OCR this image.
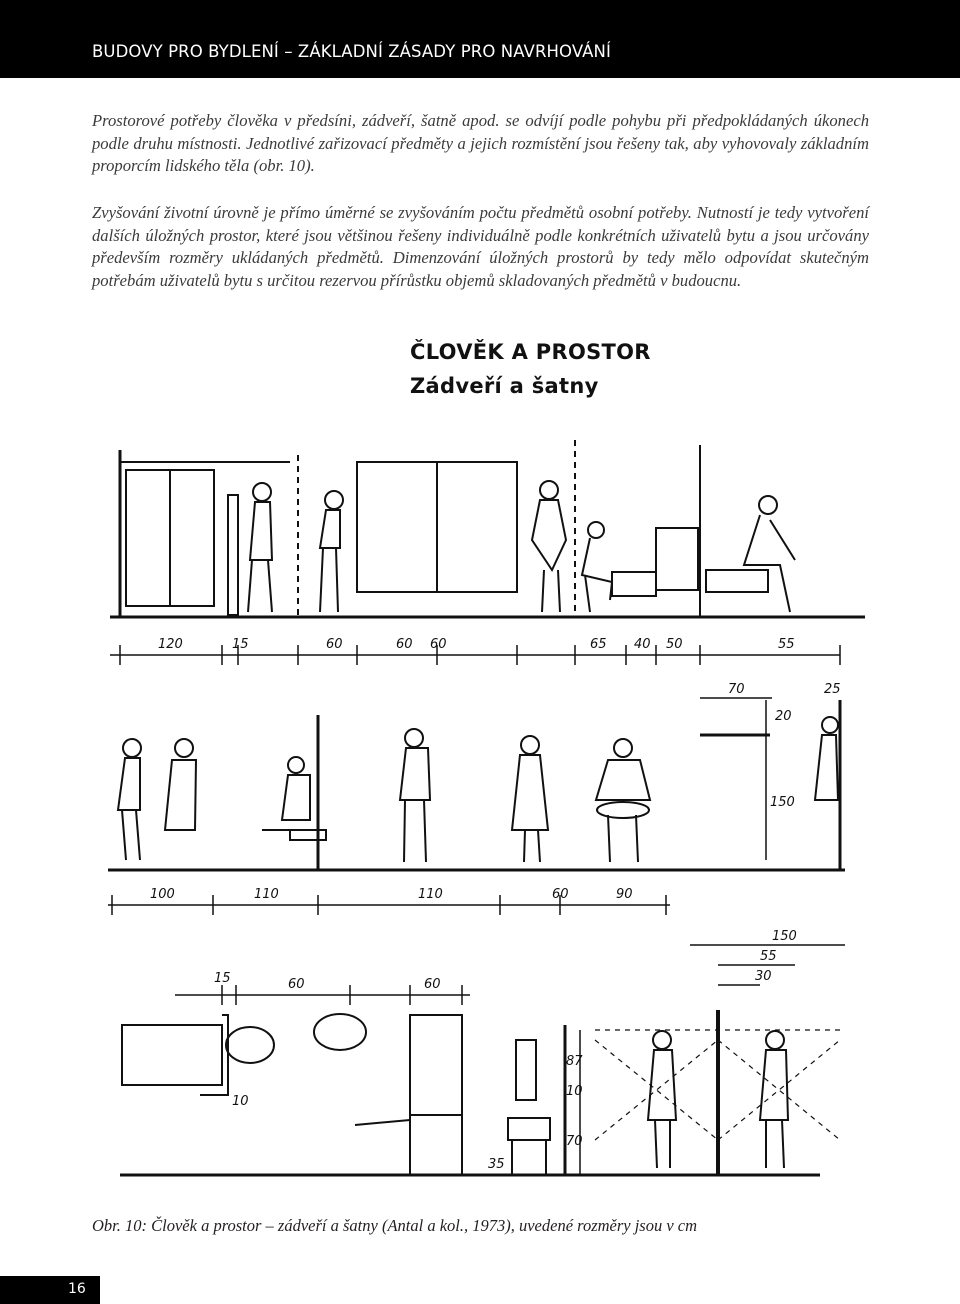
BUDOVY PRO BYDLENÍ – ZÁKLADNÍ ZÁSADY PRO NAVRHOVÁNÍ

Prostorové potřeby člověka v předsíni, zádveří, šatně apod. se odvíjí podle pohybu při předpokládaných úkonech podle druhu místnosti. Jednotlivé zařizovací předměty a jejich rozmístění jsou řešeny tak, aby vyhovovaly základním proporcím lidského těla (obr. 10).

Zvyšování životní úrovně je přímo úměrné se zvyšováním počtu předmětů osobní potřeby. Nutností je tedy vytvoření dalších úložných prostor, které jsou většinou řešeny individuálně podle konkrétních uživatelů bytu a jsou určovány především rozměry ukládaných předmětů. Dimenzování úložných prostorů by tedy mělo odpovídat skutečným potřebám uživatelů bytu s určitou rezervou přírůstku objemů skladovaných předmětů v budoucnu.

ČLOVĚK A PROSTOR
Zádveří a šatny
120	15	60	60 60	65 40 50	55
100	110	110	60	90
70	25
20
150
15	60	60
10
87
10
70
35
150
55
30
Obr. 10: Člověk a prostor – zádveří a šatny (Antal a kol., 1973), uvedené rozměry jsou v cm
16
